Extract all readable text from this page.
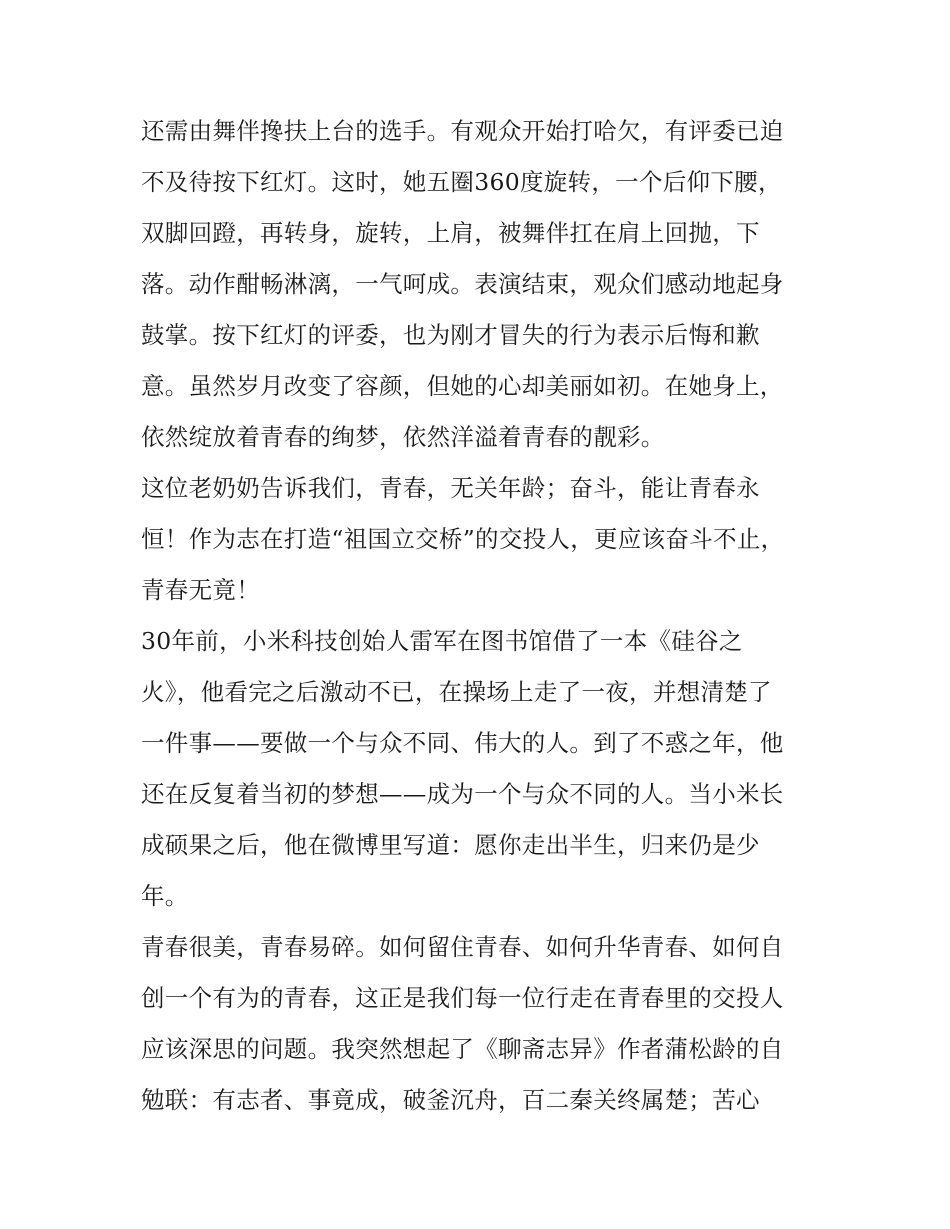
还需由舞伴搀扶上台的选手。有观众开始打哈欠，有评委已迫
不及待按下红灯。这时，她五圈360度旋转，一个后仰下腰，
双脚回蹬，再转身，旋转，上肩，被舞伴扛在肩上回抛，下
落。动作酣畅淋漓，一气呵成。表演结束，观众们感动地起身
鼓掌。按下红灯的评委，也为刚才冒失的行为表示后悔和歉
意。虽然岁月改变了容颜，但她的心却美丽如初。在她身上，
依然绽放着青春的绚梦，依然洋溢着青春的靓彩。
这位老奶奶告诉我们，青春，无关年龄；奋斗，能让青春永
恒！作为志在打造“祖国立交桥”的交投人，更应该奋斗不止，
青春无竟！
30年前，小米科技创始人雷军在图书馆借了一本《硅谷之
火》，他看完之后激动不已，在操场上走了一夜，并想清楚了
一件事——要做一个与众不同、伟大的人。到了不惑之年，他
还在反复着当初的梦想——成为一个与众不同的人。当小米长
成硕果之后，他在微博里写道：愿你走出半生，归来仍是少
年。
青春很美，青春易碎。如何留住青春、如何升华青春、如何自
创一个有为的青春，这正是我们每一位行走在青春里的交投人
应该深思的问题。我突然想起了《聊斋志异》作者蒲松龄的自
勉联：有志者、事竟成，破釜沉舟，百二秦关终属楚；苦心
